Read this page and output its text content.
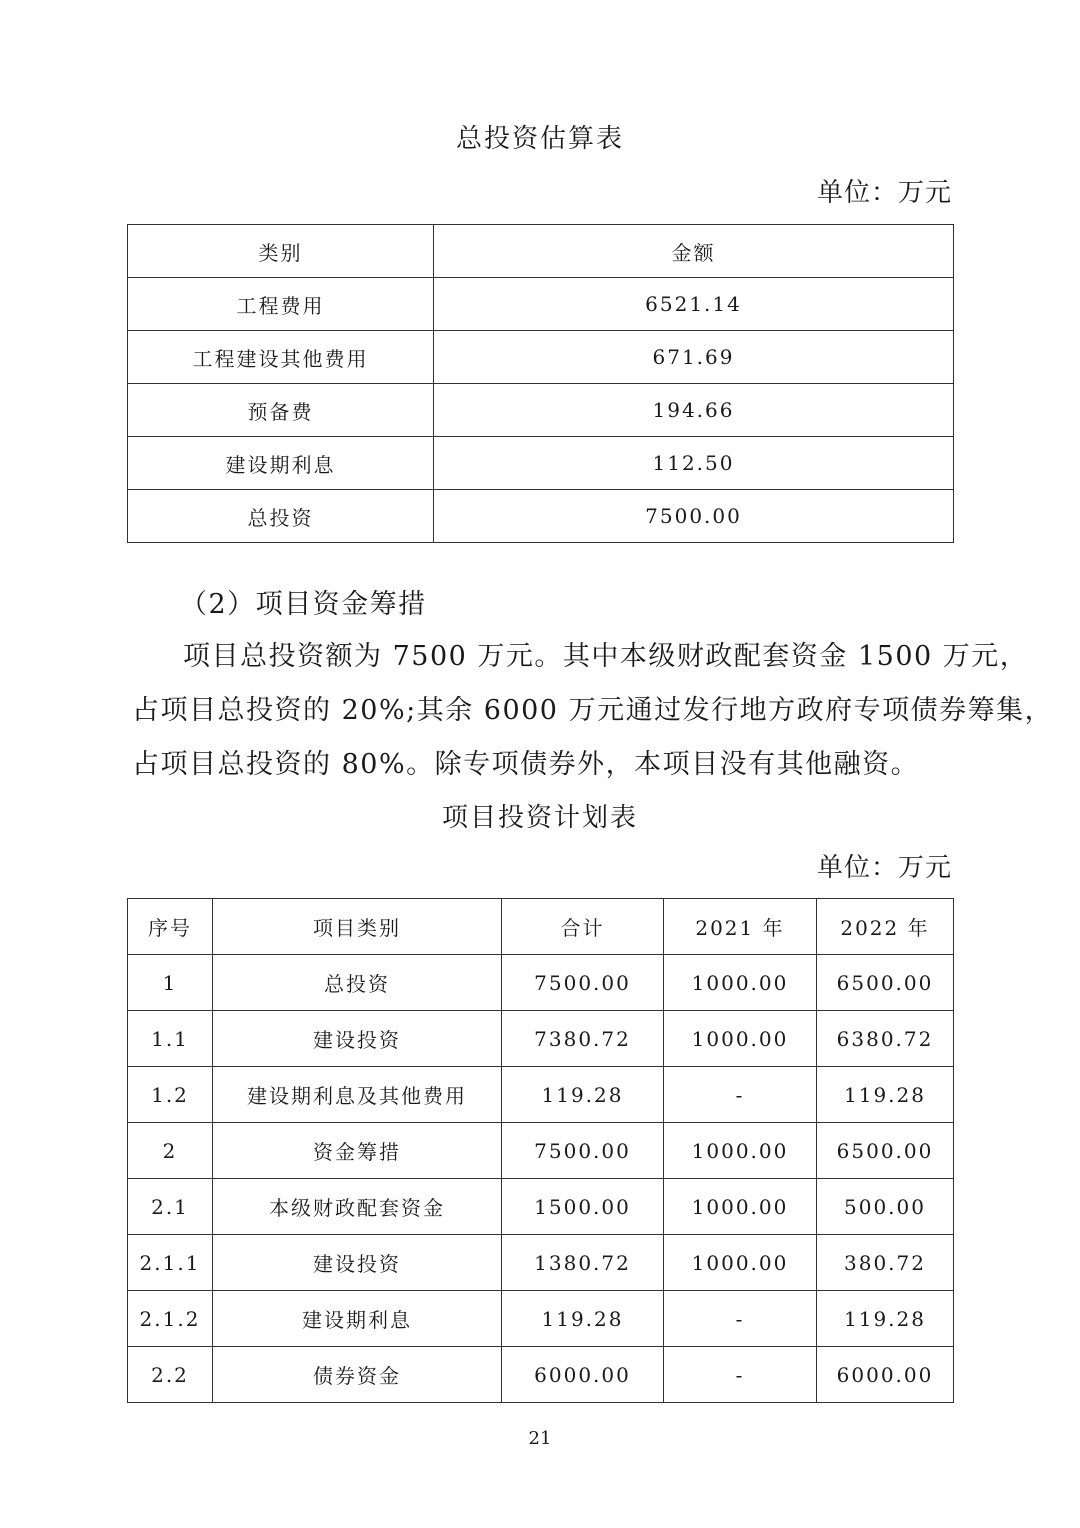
总投资估算表
单位：万元
类别	金额
工程费用	6521.14
工程建设其他费用	671.69
预备费	194.66
建设期利息	112.50
总投资	7500.00
（2）项目资金筹措
项目总投资额为 7500 万元。其中本级财政配套资金 1500 万元，
占项目总投资的 20%;其余 6000 万元通过发行地方政府专项债券筹集，
占项目总投资的 80%。除专项债券外，本项目没有其他融资。
项目投资计划表
单位：万元
序号	项目类别	合计	2021 年	2022 年
1	总投资	7500.00	1000.00	6500.00
1.1	建设投资	7380.72	1000.00	6380.72
1.2	建设期利息及其他费用	119.28	-	119.28
2	资金筹措	7500.00	1000.00	6500.00
2.1	本级财政配套资金	1500.00	1000.00	500.00
2.1.1	建设投资	1380.72	1000.00	380.72
2.1.2	建设期利息	119.28	-	119.28
2.2	债券资金	6000.00	-	6000.00
21
